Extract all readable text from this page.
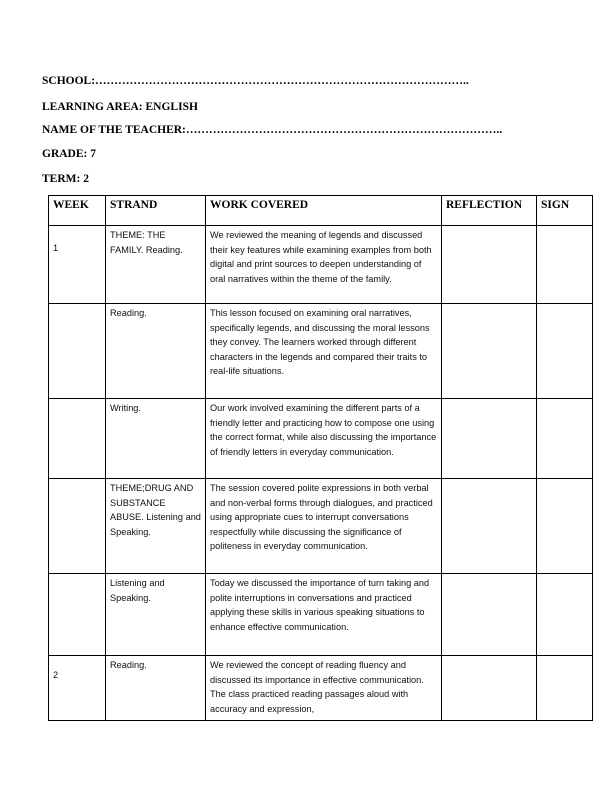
SCHOOL:……………………………………………………………………………………..
LEARNING AREA: ENGLISH
NAME OF THE TEACHER:………………………………………………………………………..
GRADE: 7
TERM: 2
WEEK	STRAND	WORK COVERED	REFLECTION	SIGN

1	THEME: THE FAMILY. Reading.	We reviewed the meaning of legends and discussed their key features while examining examples from both digital and print sources to deepen understanding of oral narratives within the theme of the family.		

	Reading.	This lesson focused on examining oral narratives, specifically legends, and discussing the moral lessons they convey. The learners worked through different characters in the legends and compared their traits to real-life situations.		

	Writing.	Our work involved examining the different parts of a friendly letter and practicing how to compose one using the correct format, while also discussing the importance of friendly letters in everyday communication.		

	THEME;DRUG AND SUBSTANCE ABUSE. Listening and Speaking.	The session covered polite expressions in both verbal and non-verbal forms through dialogues, and practiced using appropriate cues to interrupt conversations respectfully while discussing the significance of politeness in everyday communication.		

	Listening and Speaking.	Today we discussed the importance of turn taking and polite interruptions in conversations and practiced applying these skills in various speaking situations to enhance effective communication.		

2	Reading.	We reviewed the concept of reading fluency and discussed its importance in effective communication. The class practiced reading passages aloud with accuracy and expression,		
